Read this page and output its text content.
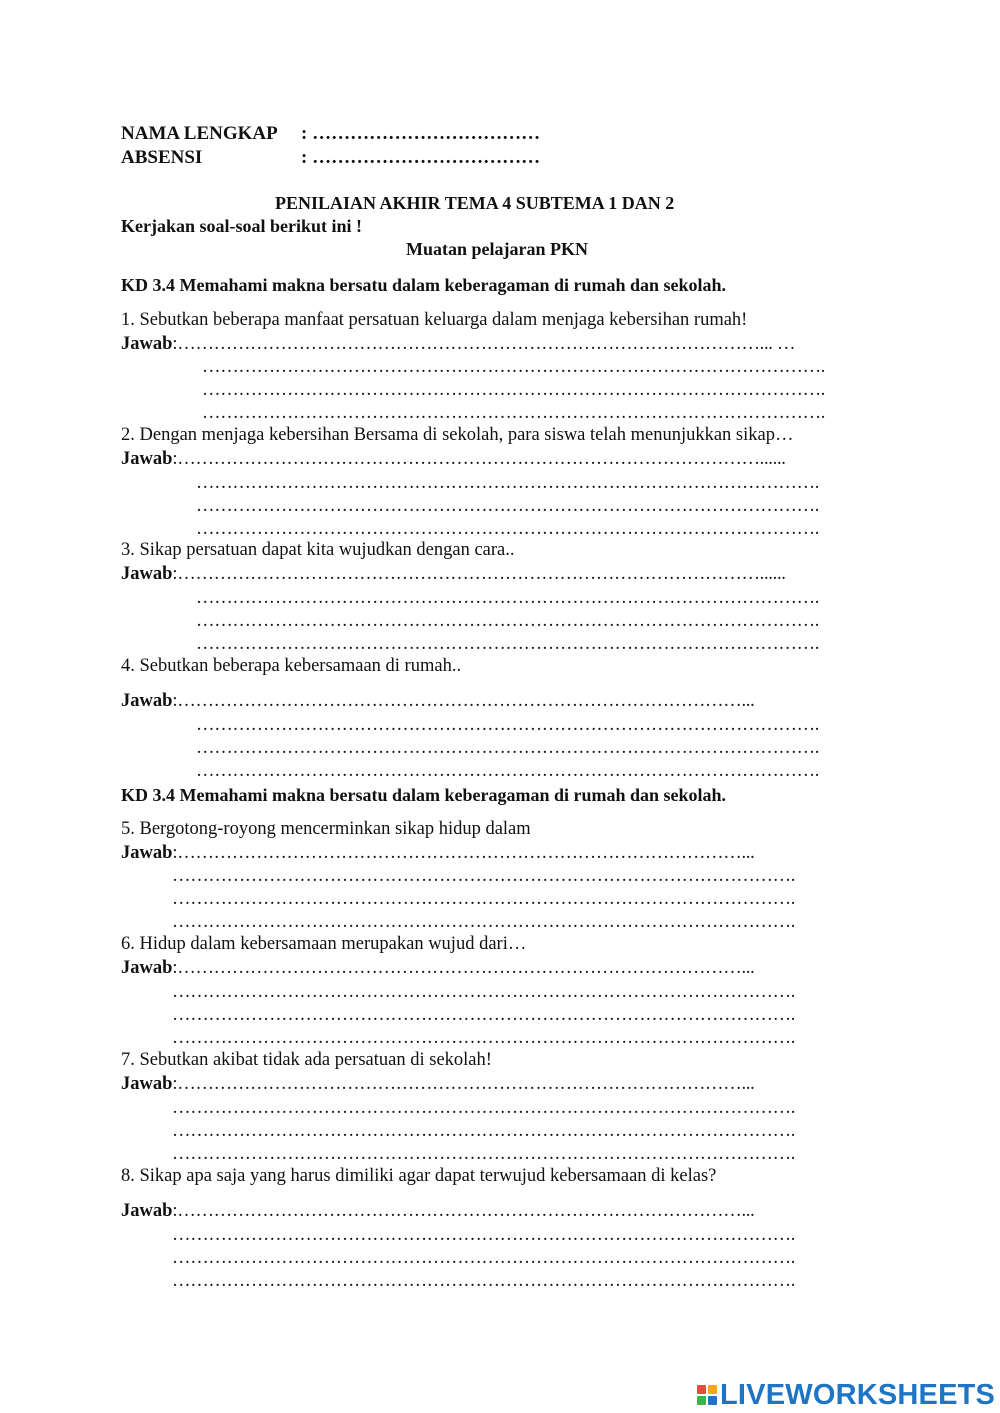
NAMA LENGKAP : ………………………………
ABSENSI	: ………………………………
PENILAIAN AKHIR TEMA 4 SUBTEMA 1 DAN 2
Kerjakan soal-soal berikut ini !
Muatan pelajaran PKN
KD 3.4 Memahami makna bersatu dalam keberagaman di rumah dan sekolah.
1. Sebutkan beberapa manfaat persatuan keluarga dalam menjaga kebersihan rumah!
Jawab:……………………………………………………………………………………... …
………………………………………………………………………………………….
………………………………………………………………………………………….
………………………………………………………………………………………….
2. Dengan menjaga kebersihan Bersama di sekolah, para siswa telah menunjukkan sikap…
Jawab:……………………………………………………………………………………......
………………………………………………………………………………………….
………………………………………………………………………………………….
………………………………………………………………………………………….
3. Sikap persatuan dapat kita wujudkan dengan cara..
Jawab:……………………………………………………………………………………......
………………………………………………………………………………………….
………………………………………………………………………………………….
………………………………………………………………………………………….
4. Sebutkan beberapa kebersamaan di rumah..
Jawab:…………………………………………………………………………………...
………………………………………………………………………………………….
………………………………………………………………………………………….
………………………………………………………………………………………….
KD 3.4 Memahami makna bersatu dalam keberagaman di rumah dan sekolah.
5. Bergotong-royong mencerminkan sikap hidup dalam
Jawab:…………………………………………………………………………………...
………………………………………………………………………………………….
………………………………………………………………………………………….
………………………………………………………………………………………….
6. Hidup dalam kebersamaan merupakan wujud dari…
Jawab:…………………………………………………………………………………...
………………………………………………………………………………………….
………………………………………………………………………………………….
………………………………………………………………………………………….
7. Sebutkan akibat tidak ada persatuan di sekolah!
Jawab:…………………………………………………………………………………...
………………………………………………………………………………………….
………………………………………………………………………………………….
………………………………………………………………………………………….
8. Sikap apa saja yang harus dimiliki agar dapat terwujud kebersamaan di kelas?
Jawab:…………………………………………………………………………………...
………………………………………………………………………………………….
………………………………………………………………………………………….
………………………………………………………………………………………….
LIVEWORKSHEETS
